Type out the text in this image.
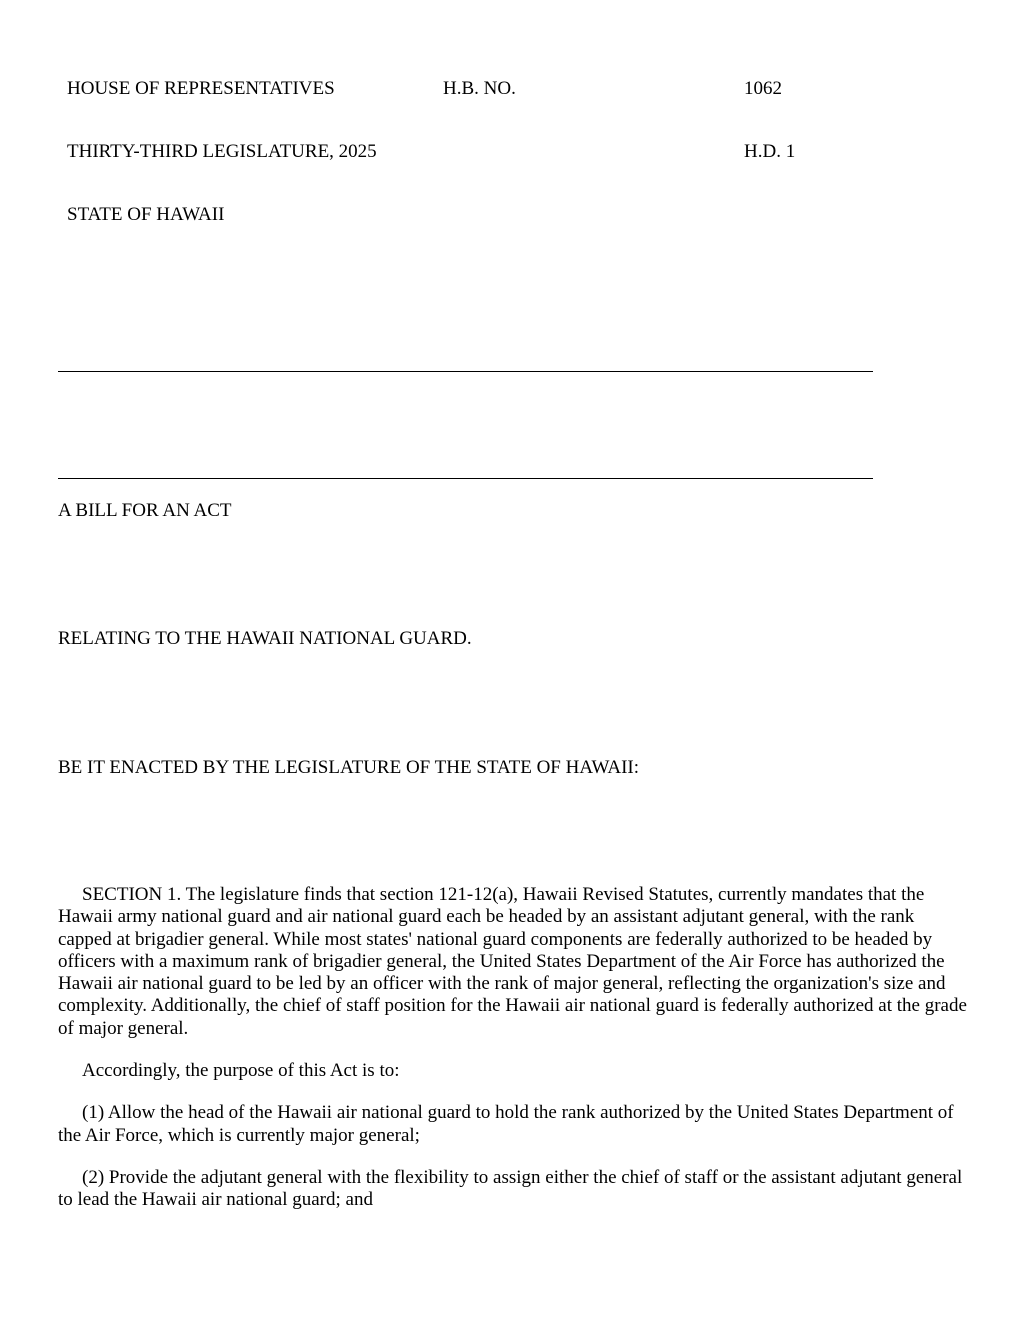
HOUSE OF REPRESENTATIVES	H.B. NO.	1062
THIRTY-THIRD LEGISLATURE, 2025	H.D. 1
STATE OF HAWAII
A BILL FOR AN ACT
RELATING TO THE HAWAII NATIONAL GUARD.
BE IT ENACTED BY THE LEGISLATURE OF THE STATE OF HAWAII:

SECTION 1. The legislature finds that section 121-12(a), Hawaii Revised Statutes, currently mandates that the Hawaii army national guard and air national guard each be headed by an assistant adjutant general, with the rank capped at brigadier general. While most states' national guard components are federally authorized to be headed by officers with a maximum rank of brigadier general, the United States Department of the Air Force has authorized the Hawaii air national guard to be led by an officer with the rank of major general, reflecting the organization's size and complexity. Additionally, the chief of staff position for the Hawaii air national guard is federally authorized at the grade of major general.

Accordingly, the purpose of this Act is to:

(1) Allow the head of the Hawaii air national guard to hold the rank authorized by the United States Department of the Air Force, which is currently major general;

(2) Provide the adjutant general with the flexibility to assign either the chief of staff or the assistant adjutant general to lead the Hawaii air national guard; and
